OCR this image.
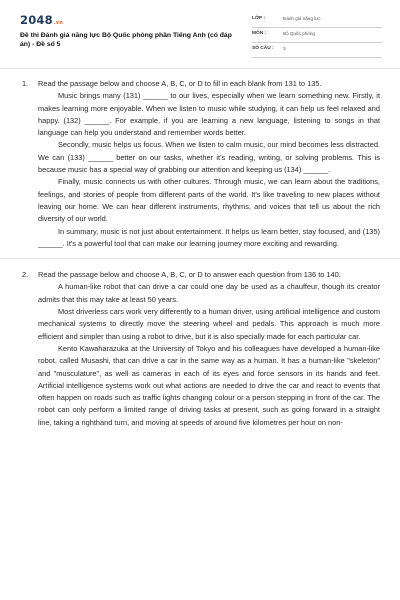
2048.vn
Đề thi Đánh giá năng lực Bộ Quốc phòng phần Tiếng Anh (có đáp án) - Đề số 5
LỚP :	Đánh giá năng lực
MÔN :	Bộ Quốc phòng
SỐ CÂU : 3
1. Read the passage below and choose A, B, C, or D to fill in each blank from 131 to 135.

Music brings many (131) ______ to our lives, especially when we learn something new. Firstly, it makes learning more enjoyable. When we listen to music while studying, it can help us feel relaxed and happy. (132) ______. For example, if you are learning a new language, listening to songs in that language can help you understand and remember words better.

Secondly, music helps us focus. When we listen to calm music, our mind becomes less distracted. We can (133) ______ better on our tasks, whether it's reading, writing, or solving problems. This is because music has a special way of grabbing our attention and keeping us (134) ______.

Finally, music connects us with other cultures. Through music, we can learn about the traditions, feelings, and stories of people from different parts of the world. It's like traveling to new places without leaving our home. We can hear different instruments, rhythms, and voices that tell us about the rich diversity of our world.

In summary, music is not just about entertainment. It helps us learn better, stay focused, and (135) ______. It's a powerful tool that can make our learning journey more exciting and rewarding.

2. Read the passage below and choose A, B, C, or D to answer each question from 136 to 140.

A human-like robot that can drive a car could one day be used as a chauffeur, though its creator admits that this may take at least 50 years.

Most driverless cars work very differently to a human driver, using artificial intelligence and custom mechanical systems to directly move the steering wheel and pedals. This approach is much more efficient and simpler than using a robot to drive, but it is also specially made for each particular car.

Kento Kawaharazuka at the University of Tokyo and his colleagues have developed a human-like robot, called Musashi, that can drive a car in the same way as a human. It has a human-like "skeleton" and "musculature", as well as cameras in each of its eyes and force sensors in its hands and feet. Artificial intelligence systems work out what actions are needed to drive the car and react to events that often happen on roads such as traffic lights changing colour or a person stepping in front of the car. The robot can only perform a limited range of driving tasks at present, such as going forward in a straight line, taking a righthand turn, and moving at speeds of around five kilometres per hour on non-
